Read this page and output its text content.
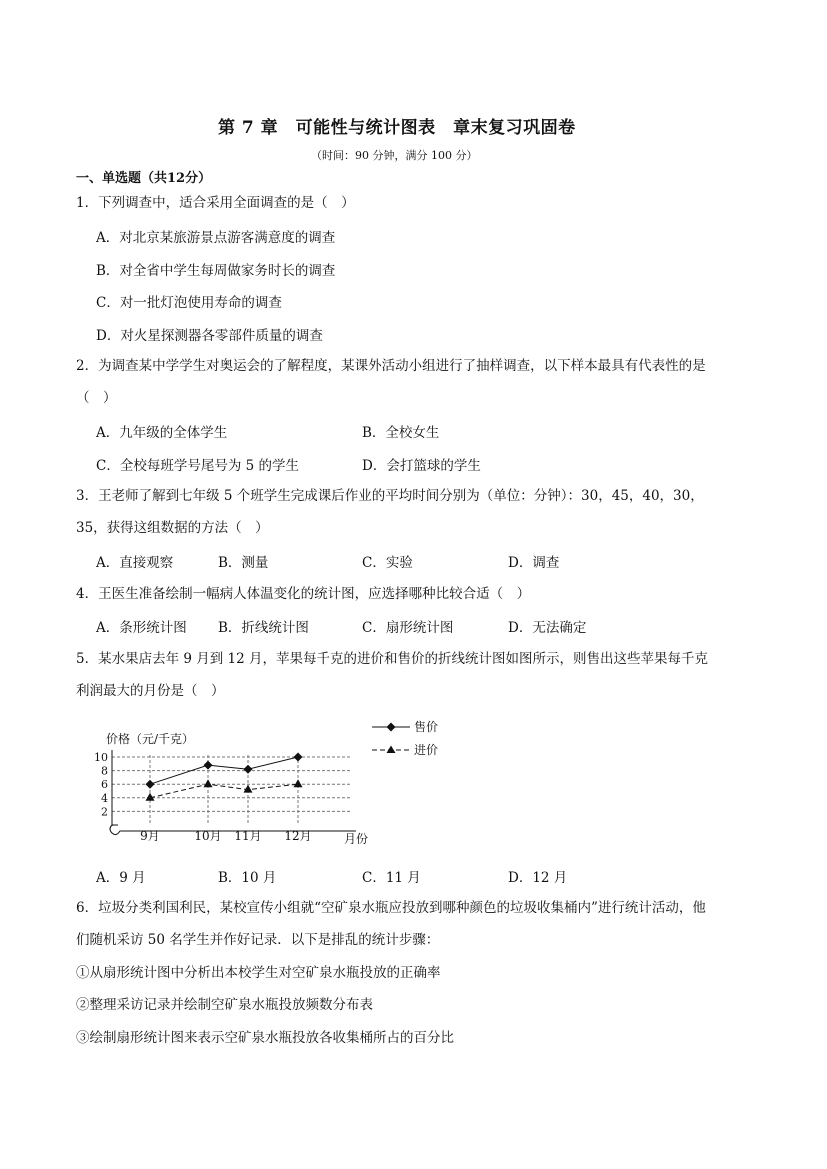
第 7 章　可能性与统计图表　章末复习巩固卷
（时间：90 分钟，满分 100 分）
一、单选题（共12分）
1．下列调查中，适合采用全面调查的是（　）
A．对北京某旅游景点游客满意度的调查
B．对全省中学生每周做家务时长的调查
C．对一批灯泡使用寿命的调查
D．对火星探测器各零部件质量的调查
2．为调查某中学学生对奥运会的了解程度，某课外活动小组进行了抽样调查，以下样本最具有代表性的是
（　）
A．九年级的全体学生	B．全校女生
C．全校每班学号尾号为 5 的学生	D．会打篮球的学生
3．王老师了解到七年级 5 个班学生完成课后作业的平均时间分别为（单位：分钟）：30，45，40，30，
35，获得这组数据的方法（　）
A．直接观察	B．测量	C．实验	D．调查
4．王医生准备绘制一幅病人体温变化的统计图，应选择哪种比较合适（　）
A．条形统计图 B．折线统计图	C．扇形统计图	D．无法确定
5．某水果店去年 9 月到 12 月，苹果每千克的进价和售价的折线统计图如图所示，则售出这些苹果每千克
利润最大的月份是（　）
价格（元/千克）
月份
2
4
6
8
10
9月	10月 11月 12月
售价
进价
A．9 月	B．10 月	C．11 月	D．12 月
6．垃圾分类利国利民，某校宣传小组就“空矿泉水瓶应投放到哪种颜色的垃圾收集桶内”进行统计活动，他
们随机采访 50 名学生并作好记录．以下是排乱的统计步骤：
①从扇形统计图中分析出本校学生对空矿泉水瓶投放的正确率
②整理采访记录并绘制空矿泉水瓶投放频数分布表
③绘制扇形统计图来表示空矿泉水瓶投放各收集桶所占的百分比
